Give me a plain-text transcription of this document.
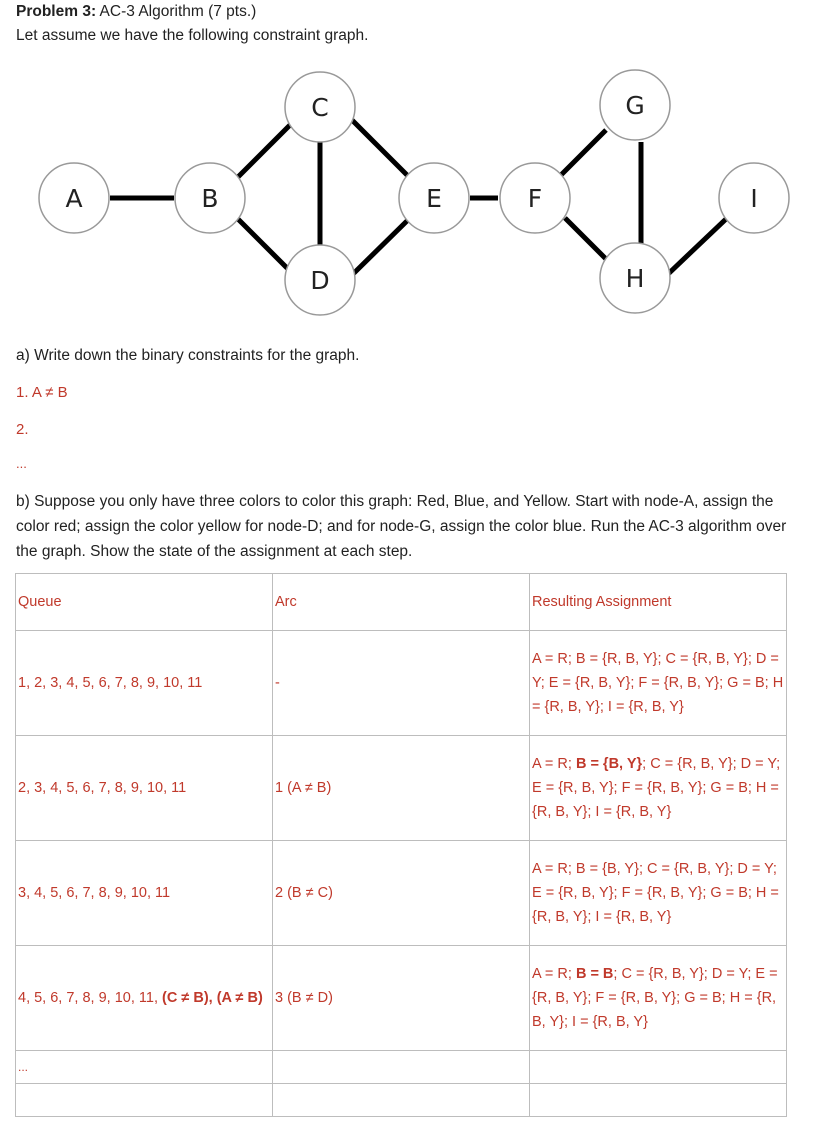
Problem 3: AC-3 Algorithm (7 pts.)
Let assume we have the following constraint graph.
A	B
C
D
E	F
G
H
I
a) Write down the binary constraints for the graph.
1. A ≠ B
2.
...
b) Suppose you only have three colors to color this graph: Red, Blue, and Yellow. Start with node-A, assign the color red; assign the color yellow for node-D; and for node-G, assign the color blue. Run the AC-3 algorithm over the graph. Show the state of the assignment at each step.
Queue	Arc	Resulting Assignment
1, 2, 3, 4, 5, 6, 7, 8, 9, 10, 11	-	A = R; B = {R, B, Y}; C = {R, B, Y}; D = Y; E = {R, B, Y}; F = {R, B, Y}; G = B; H = {R, B, Y}; I = {R, B, Y}
2, 3, 4, 5, 6, 7, 8, 9, 10, 11	1 (A ≠ B)	A = R; B = {B, Y}; C = {R, B, Y}; D = Y; E = {R, B, Y}; F = {R, B, Y}; G = B; H = {R, B, Y}; I = {R, B, Y}
3, 4, 5, 6, 7, 8, 9, 10, 11	2 (B ≠ C)	A = R; B = {B, Y}; C = {R, B, Y}; D = Y; E = {R, B, Y}; F = {R, B, Y}; G = B; H = {R, B, Y}; I = {R, B, Y}
4, 5, 6, 7, 8, 9, 10, 11, (C ≠ B), (A ≠ B)	3 (B ≠ D)	A = R; B = B; C = {R, B, Y}; D = Y; E = {R, B, Y}; F = {R, B, Y}; G = B; H = {R, B, Y}; I = {R, B, Y}
...		
